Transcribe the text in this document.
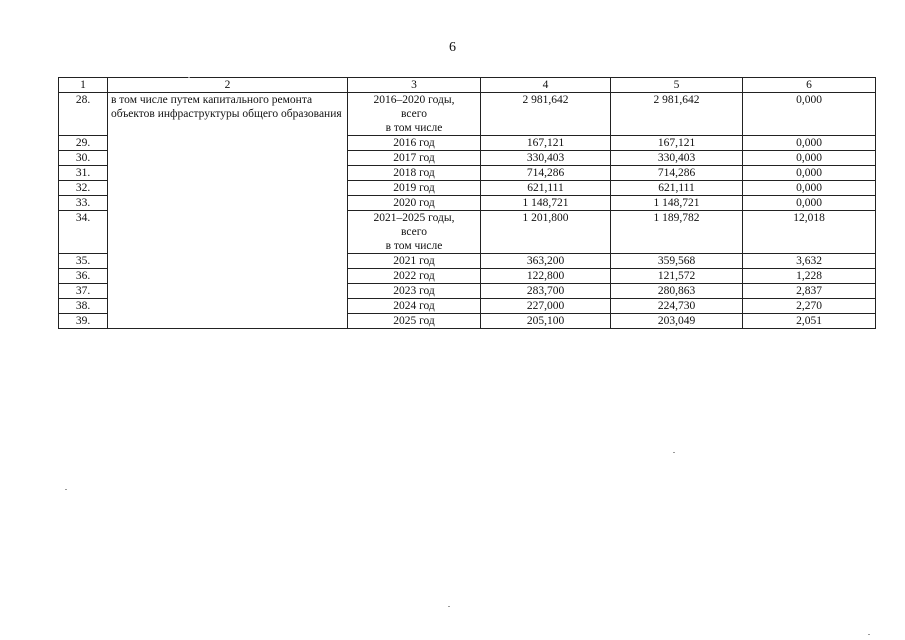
6
1	2	3	4	5	6
28.	в том числе путем капитального ремонта объектов инфраструктуры общего образования	2016–2020 годы,
всего
в том числе	2 981,642	2 981,642	0,000
29.		2016 год	167,121	167,121	0,000
30.		2017 год	330,403	330,403	0,000
31.		2018 год	714,286	714,286	0,000
32.		2019 год	621,111	621,111	0,000
33.		2020 год	1 148,721	1 148,721	0,000
34.		2021–2025 годы,
всего
в том числе	1 201,800	1 189,782	12,018
35.		2021 год	363,200	359,568	3,632
36.		2022 год	122,800	121,572	1,228
37.		2023 год	283,700	280,863	2,837
38.		2024 год	227,000	224,730	2,270
39.		2025 год	205,100	203,049	2,051
